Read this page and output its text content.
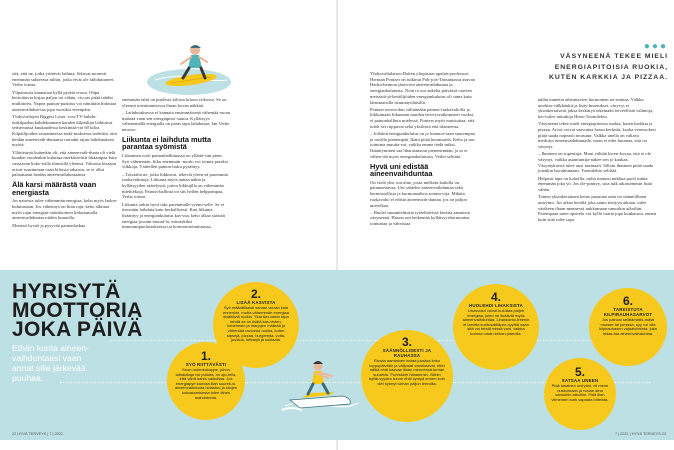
sitä, että ne, jotka yrittävät laihtua, liikuvat monesti enemmän suhteessa niihin, jotka eivät ole laihduttaneet. Verho toteaa.

Ylipainosta kannattaa kyllä pyrkiä eroon. Olipa kertoittavia kirjan paljon tai vähän, vis-sas pitää tahdin muliittirea. Nopea painon-pudotus voi nimittäin hidastaa aineenvaihdun-taa jopa vuosiksi eteenpäin.

Yhdysvaltojen Biggest Loser -tosi-TV-laihdu-tuskilpailun kahdeksannen kauden kilpailijat laihtuivat seitsemässä kuukaudessa keskimää-rin 60 kiloa. Kilpailijoiden seuranneessa tutki-muksessa todettiin, että heidän aineenvaih-duntansa romahti rajun laihdutuksen myötä.

Ylläväsintä kuitenkin oli, että aineenvaih-dunta oli vielä kuuden vuodenkin kuluttua merkittävästi hitaampaa kuin vastaavan koko-isilla ihmisillä yleensä. Valtaosa kisaajat otivat suurimman osan kiloista takaisin, se ei ollut palauttanut heidän aineenvaihduntaansa.

Älä karsi määrästä vaan energiasta

Jos naisesta tulee vähemmän energiaa, keho myös laskee kulutustaan. Jos vähennys on liian raju, keho alkittaa myös rajut energian-säästötoimet hidastamalla aineenvaihduntaa niiden kunnolla.

Monesti hyvää ja pysyvää painonlaskua

enemmän tahti on puolesta kilosta kiloon viikossa. Se on yleensä toteuttamisessa ilman kovaa näkkää.

– Laihdutuksessa ei kannata ensimmäisenä vähentää ruoan määrää vaan sen energiapitoi-suutta. Kylläisyys vähenemällä energialla on paras tapa laihduttaa, Jan Verho neuvoo.

Liikunta ei laihduta mutta parantaa syömistä

Liikunnan rooli painonhallinnassa on yllättä-vän pieni. Syö vähemmän, liiku enemmän -motto voi toimia paraksi viikkoja. Väitetllen painon lasku pysähtyy.

– Toisaalta ne, jotka liikkuvat, tekevät yleen-sä paremmia ruokavalintoja. Liikunta myös auttaa näkin ja kylläisyyden säätelyssä, jotien liikkujilla on vähemmän mielitekoja. Painon-hallinta on siis hellen helppompaa, Verho toteaa.

Liikunta onkin hyvä tuki paremmalle syömi-selle. Se ei itsessään laihduta kuin herkullisesti. Kun liikunta lisääntyy ja energiankulutus kas-vaa, keho alkaa säästää energiaa jossain muual-la, esimerkiksi immuunipuolustuksessa tai hormonitoiminnassa.

Yhdysvaltalaisen Duken yliopiston apulais-professori Herman Pontzer on tutkinut Poh-jois-Tansaniassa asuvan Hadza-heimon jäsen-ten aineenvaihduntaa ja energiankulutusta. Noin ra osa aukelta päivässä otavien metsästä-jä-keräilijöiden energiankulutus oli sama kuin länsimaisilla istumatyöläisillä.

Pontzer neuvookin välttämään painon-ruokavaliolla ja liikkumaan liikunnan muiden terveysvaikutusten vuoksi, ei painonhallinta mielessä. Pontzer myös muistuttaa, että tulok-set riippuvat sekä yksilöstä että tilanteesta.

– Jollakin energiankulutus on jo luonnos-taan suurempaa ja toisilla pienempää. Ikäin pitää huomioida. Keho ja sen toiminta muutta-vat, vaikka emme tiedä miksi. Ikääntyminen saa liharasmassn pienenemään, ja se ei vähen-tää myös energiankulutusta, Verho selittää.

Hyvä uni edistää aineenvaihduntaa

On vielä yksi osa-alue, jossa melkein kaikilla on parannettavaa. Uni säätelee aineenvaihduntaa sekä hermostollisia ja hormonaalisia toimin-toja. Mikäin ruokavalio ei edistä aineenvaih-duntaa, jos on paljon univelkaa.

– Huolet suunnitelmista työtehtävistä herättä aamuisin väsyneenä. Huono uni heikentää kylläisyyshormonien toimintaa ja vahvistaa

nälän tunnetta aiheuttavien hormonien toi-mintaa. Valkka unohtaa välkkäukit ja lisäy-hmotukset, väsyvyt ei yksinkertaisesti jaksa keskittyä tekemään terveellisiä valintoja, ker-toilee uniutkija Henri Tuomilehto.

Väsyneenä tekee mieli energiapitoisia ruokia, kuten karkkia ja pizzaa. Arvot voivat saavuttaa hassu kerkeää, koska verensokeri pitää saada nopeasti nousuun. Valkka unella on valtava merkitys aineenvaihdunnalle, moni ei edes huomaa, että on väsynyt.

– Ihminen on sopeutuja. Moni välttää kiven-kovaa, että ei ole väsynyt, vaikka asiantuntija-näkee sen jo kaukaa. Väsymyksestä tulee uusi normaali. Silloin ihminen pitää saada jotenkin havahtumaan, Tuomilehto selittää.

Helposti tapa on kokeilla, miltä tuntuisi nukkua puoli tuntia enemmän joka yö. Jos ole-pinttyy, sota tulk aikaisemmin lisää vähän.

Toinen yksinkertainen keino parantaa unta on säännöllinen unirytmi. Jos aikaa heräilä joka aamu tiettyyn aikaan, tulee väsikeen iltaan mennessä nukkumaan samoihin aikoihin. Parempaan unen opettelu voi kyllä vaatia jopa kuukausia, ennen kuin siitä tulee tapa.

●●●
VÄSYNEENÄ TEKEE MIELI ENERGIAPITOISIA RUOKIA, KUTEN KARKKIA JA PIZZAA.
HYRISYTÄ
MOOTTORIA
JOKA PÄIVÄ
Ethän kurita aineen-vaihduntaasi vaan annat sille järkevää puuhaa.
1.
SYÖ RIITTÄVÄSTI
Soon rudenkukoppe, johon laihduttaja voi pudota, on ajo-tella, että vähä kahto vaikuttaa. Jos energiapye kaovaa liian suurek-si, aineenvaihdunta hidastuu ja kilojen kokostamisesta tulee lähes mahdotonta.
2.
LISÄÄ KASVISTA
Syö määrällisesti saman verran kuin ennenkin, mutta vähemmän energiaa sisältäviä ruokia. Yksinker-taisin tapa tehdä se on lisätä kas-visten, hedelmien ja marjojen määrää ja vähentää ravuosia ruokia, kuten sipsejä, pizzaa, burgereita, voita, juustoa, keksejä ja suklaata.	3.
SÄÄNNÖLLISESTI JA RAUHASSA
Ruoaa aamiainen antaa juustoa koko loppupäivään ja välipalat varmistavat, ettei nälkä ehdi kasvaa illaan mennessä turhan suureksi. Pureskele hitaammin. Silloin kylläi-syyden tunne ehtii syntyä ennen kuin olet syönyt turhan paljon leeroilla.
4.
HUOLEHDI LIHAKSISTA
Lihasvolut voivat kuluttaa paljon energiaa, joten ne lisäävät myös aineenvaihduntaa. Lihaskunto-treenin ei tarvitta kuntosalilläpar-nyyttiä vaan sitä voi tehdä missä vain, vaikka kotona oman kehon painolla.
5.
SATSAA UNEEN
Pidä tasainen unirytmi, eli mene nukkumaan ja nouse aina samoihin aikoihin. Pidä illan viimeinen tunti vapaata lotteista.
6.
TARKISTUTA KILPIRAUHASARVOT
Jos painosi selittämättö-mästi nousee tai jumissa, syy voi olla kilpirauhasen vajaatoiminta, joka hidas-taa aineenvaihduntaa.
22 HYVÄ TERVEYS | 7 | 2021	7 | 2021 | HYVÄ TERVEYS 23
